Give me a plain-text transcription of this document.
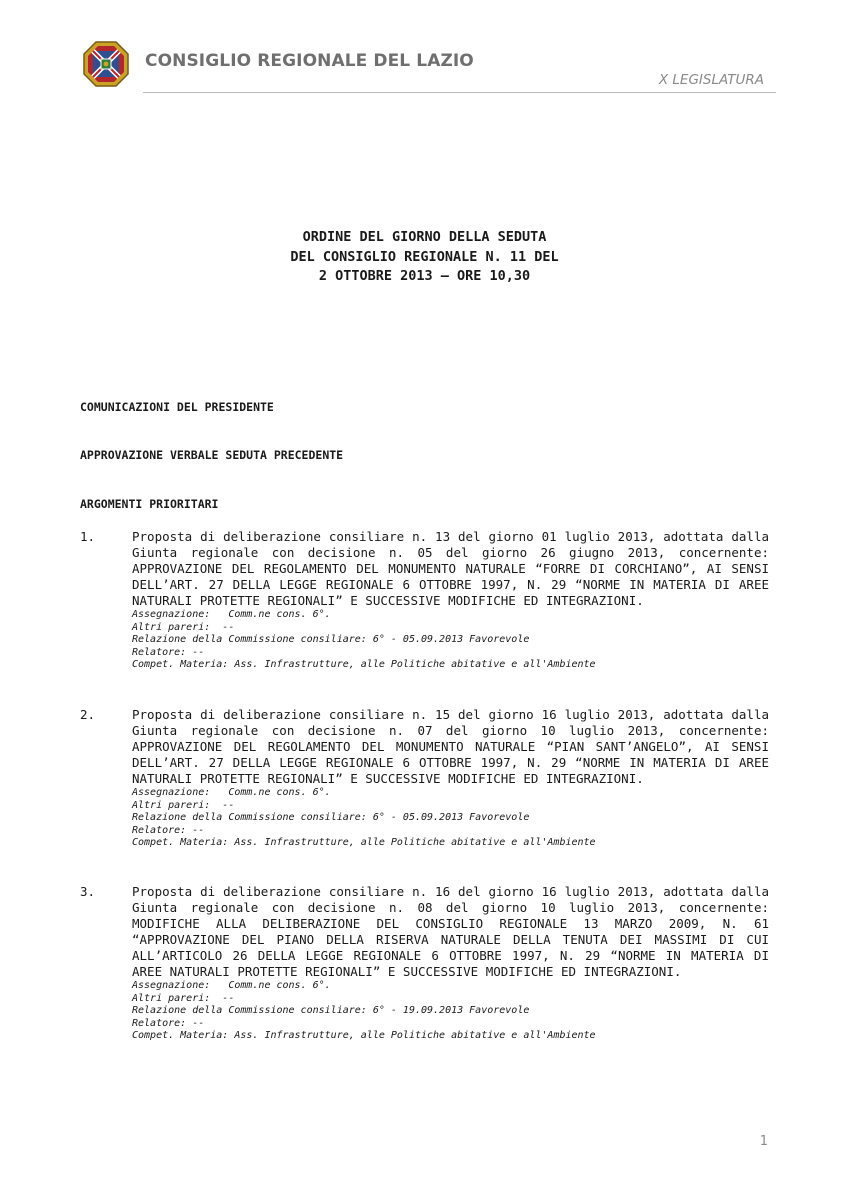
CONSIGLIO REGIONALE DEL LAZIO
X LEGISLATURA
ORDINE DEL GIORNO DELLA SEDUTA
DEL CONSIGLIO REGIONALE N. 11 DEL
2 OTTOBRE 2013 – ORE 10,30
COMUNICAZIONI DEL PRESIDENTE
APPROVAZIONE VERBALE SEDUTA PRECEDENTE
ARGOMENTI PRIORITARI
1.	Proposta di deliberazione consiliare n. 13 del giorno 01 luglio 2013, adottata dalla Giunta regionale con decisione n. 05 del giorno 26 giugno 2013, concernente: APPROVAZIONE DEL REGOLAMENTO DEL MONUMENTO NATURALE “FORRE DI CORCHIANO”, AI SENSI DELL’ART. 27 DELLA LEGGE REGIONALE 6 OTTOBRE 1997, N. 29 “NORME IN MATERIA DI AREE NATURALI PROTETTE REGIONALI” E SUCCESSIVE MODIFICHE ED INTEGRAZIONI.

Assegnazione:   Comm.ne cons. 6°.
Altri pareri:  --
Relazione della Commissione consiliare: 6° - 05.09.2013 Favorevole
Relatore: --
Compet. Materia: Ass. Infrastrutture, alle Politiche abitative e all'Ambiente
2.	Proposta di deliberazione consiliare n. 15 del giorno 16 luglio 2013, adottata dalla Giunta regionale con decisione n. 07 del giorno 10 luglio 2013, concernente: APPROVAZIONE DEL REGOLAMENTO DEL MONUMENTO NATURALE “PIAN SANT’ANGELO”, AI SENSI DELL’ART. 27 DELLA LEGGE REGIONALE 6 OTTOBRE 1997, N. 29 “NORME IN MATERIA DI AREE NATURALI PROTETTE REGIONALI” E SUCCESSIVE MODIFICHE ED INTEGRAZIONI.

Assegnazione:   Comm.ne cons. 6°.
Altri pareri:  --
Relazione della Commissione consiliare: 6° - 05.09.2013 Favorevole
Relatore: --
Compet. Materia: Ass. Infrastrutture, alle Politiche abitative e all'Ambiente
3.	Proposta di deliberazione consiliare n. 16 del giorno 16 luglio 2013, adottata dalla Giunta regionale con decisione n. 08 del giorno 10 luglio 2013, concernente: MODIFICHE ALLA DELIBERAZIONE DEL CONSIGLIO REGIONALE 13 MARZO 2009, N. 61 “APPROVAZIONE DEL PIANO DELLA RISERVA NATURALE DELLA TENUTA DEI MASSIMI DI CUI ALL’ARTICOLO 26 DELLA LEGGE REGIONALE 6 OTTOBRE 1997, N. 29 “NORME IN MATERIA DI AREE NATURALI PROTETTE REGIONALI” E SUCCESSIVE MODIFICHE ED INTEGRAZIONI.

Assegnazione:   Comm.ne cons. 6°.
Altri pareri:  --
Relazione della Commissione consiliare: 6° - 19.09.2013 Favorevole
Relatore: --
Compet. Materia: Ass. Infrastrutture, alle Politiche abitative e all'Ambiente
1
